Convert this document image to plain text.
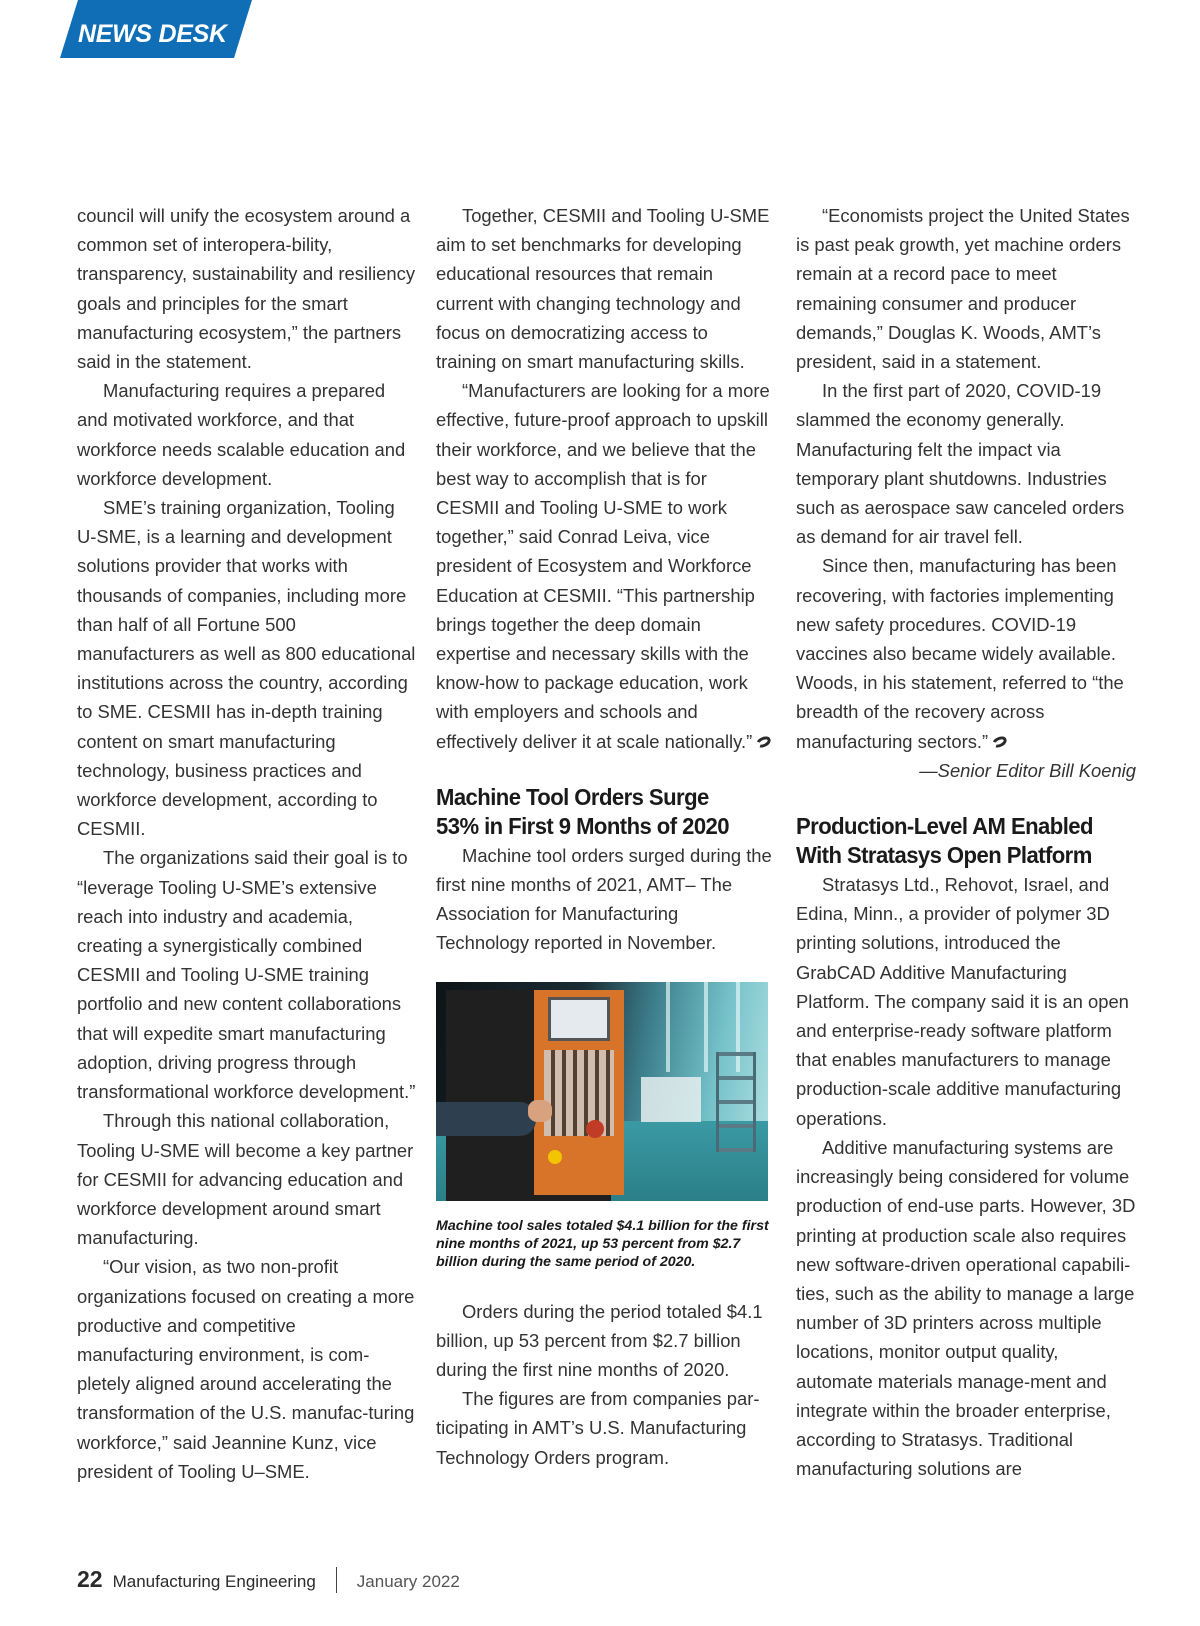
NEWS DESK

council will unify the ecosystem around a common set of interopera-bility, transparency, sustainability and resiliency goals and principles for the smart manufacturing ecosystem,” the partners said in the statement.

Manufacturing requires a prepared and motivated workforce, and that workforce needs scalable education and workforce development.

SME’s training organization, Tooling U-SME, is a learning and development solutions provider that works with thousands of companies, including more than half of all Fortune 500 manufacturers as well as 800 educational institutions across the country, according to SME. CESMII has in-depth training content on smart manufacturing technology, business practices and workforce development, according to CESMII.

The organizations said their goal is to “leverage Tooling U-SME’s extensive reach into industry and academia, creating a synergistically combined CESMII and Tooling U-SME training portfolio and new content collaborations that will expedite smart manufacturing adoption, driving progress through transformational workforce development.”

Through this national collaboration, Tooling U-SME will become a key partner for CESMII for advancing education and workforce development around smart manufacturing.

“Our vision, as two non-profit organizations focused on creating a more productive and competitive manufacturing environment, is com-pletely aligned around accelerating the transformation of the U.S. manufac-turing workforce,” said Jeannine Kunz, vice president of Tooling U–SME.

Together, CESMII and Tooling U-SME aim to set benchmarks for developing educational resources that remain current with changing technology and focus on democratizing access to training on smart manufacturing skills.

“Manufacturers are looking for a more effective, future-proof approach to upskill their workforce, and we believe that the best way to accomplish that is for CESMII and Tooling U-SME to work together,” said Conrad Leiva, vice president of Ecosystem and Workforce Education at CESMII. “This partnership brings together the deep domain expertise and necessary skills with the know-how to package education, work with employers and schools and effectively deliver it at scale nationally.”

Machine Tool Orders Surge
53% in First 9 Months of 2020

Machine tool orders surged during the first nine months of 2021, AMT– The Association for Manufacturing Technology reported in November.

Machine tool sales totaled $4.1 billion for the first nine months of 2021, up 53 percent from $2.7 billion during the same period of 2020.

Orders during the period totaled $4.1 billion, up 53 percent from $2.7 billion during the first nine months of 2020.

The figures are from companies par-ticipating in AMT’s U.S. Manufacturing Technology Orders program.

“Economists project the United States is past peak growth, yet machine orders remain at a record pace to meet remaining consumer and producer demands,” Douglas K. Woods, AMT’s president, said in a statement.

In the first part of 2020, COVID-19 slammed the economy generally. Manufacturing felt the impact via temporary plant shutdowns. Industries such as aerospace saw canceled orders as demand for air travel fell.

Since then, manufacturing has been recovering, with factories implementing new safety procedures. COVID-19 vaccines also became widely available. Woods, in his statement, referred to “the breadth of the recovery across manufacturing sectors.”

—Senior Editor Bill Koenig

Production-Level AM Enabled
With Stratasys Open Platform

Stratasys Ltd., Rehovot, Israel, and Edina, Minn., a provider of polymer 3D printing solutions, introduced the GrabCAD Additive Manufacturing Platform. The company said it is an open and enterprise-ready software platform that enables manufacturers to manage production-scale additive manufacturing operations.

Additive manufacturing systems are increasingly being considered for volume production of end-use parts. However, 3D printing at production scale also requires new software-driven operational capabili-ties, such as the ability to manage a large number of 3D printers across multiple locations, monitor output quality, automate materials manage-ment and integrate within the broader enterprise, according to Stratasys. Traditional manufacturing solutions are

22 Manufacturing Engineering January 2022
